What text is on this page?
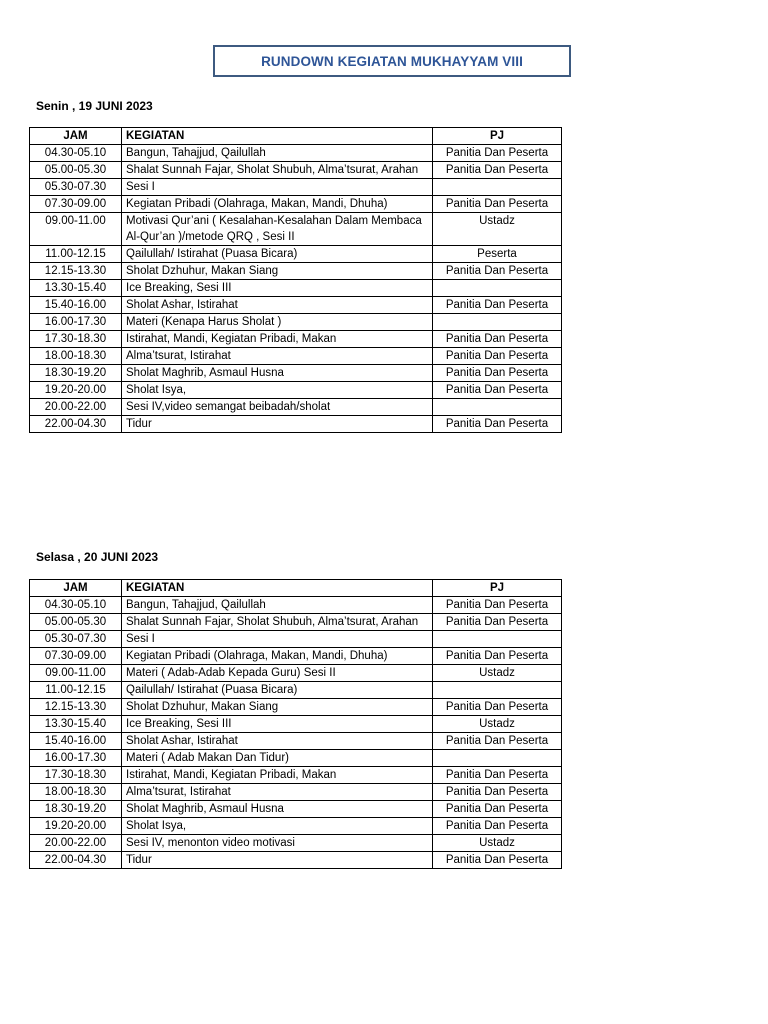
RUNDOWN KEGIATAN MUKHAYYAM VIII
Senin , 19 JUNI 2023
JAM	KEGIATAN	PJ
04.30-05.10	Bangun, Tahajjud, Qailullah	Panitia Dan Peserta
05.00-05.30	Shalat Sunnah Fajar, Sholat Shubuh, Alma’tsurat, Arahan	Panitia Dan Peserta
05.30-07.30	Sesi I	
07.30-09.00	Kegiatan Pribadi (Olahraga, Makan, Mandi, Dhuha)	Panitia Dan Peserta
09.00-11.00	Motivasi Qur’ani ( Kesalahan-Kesalahan Dalam Membaca Al-Qur’an )/metode QRQ , Sesi II	Ustadz
11.00-12.15	Qailullah/ Istirahat (Puasa Bicara)	Peserta
12.15-13.30	Sholat Dzhuhur, Makan Siang	Panitia Dan Peserta
13.30-15.40	Ice Breaking, Sesi III	
15.40-16.00	Sholat Ashar, Istirahat	Panitia Dan Peserta
16.00-17.30	Materi (Kenapa Harus Sholat )	
17.30-18.30	Istirahat, Mandi, Kegiatan Pribadi, Makan	Panitia Dan Peserta
18.00-18.30	Alma’tsurat, Istirahat	Panitia Dan Peserta
18.30-19.20	Sholat Maghrib, Asmaul Husna	Panitia Dan Peserta
19.20-20.00	Sholat Isya,	Panitia Dan Peserta
20.00-22.00	Sesi IV,video semangat beibadah/sholat	
22.00-04.30	Tidur	Panitia Dan Peserta
Selasa , 20 JUNI 2023
JAM	KEGIATAN	PJ
04.30-05.10	Bangun, Tahajjud, Qailullah	Panitia Dan Peserta
05.00-05.30	Shalat Sunnah Fajar, Sholat Shubuh, Alma’tsurat, Arahan	Panitia Dan Peserta
05.30-07.30	Sesi I	
07.30-09.00	Kegiatan Pribadi (Olahraga, Makan, Mandi, Dhuha)	Panitia Dan Peserta
09.00-11.00	Materi ( Adab-Adab Kepada Guru) Sesi II	Ustadz
11.00-12.15	Qailullah/ Istirahat (Puasa Bicara)	
12.15-13.30	Sholat Dzhuhur, Makan Siang	Panitia Dan Peserta
13.30-15.40	Ice Breaking, Sesi III	Ustadz
15.40-16.00	Sholat Ashar, Istirahat	Panitia Dan Peserta
16.00-17.30	Materi ( Adab Makan Dan Tidur)	
17.30-18.30	Istirahat, Mandi, Kegiatan Pribadi, Makan	Panitia Dan Peserta
18.00-18.30	Alma’tsurat, Istirahat	Panitia Dan Peserta
18.30-19.20	Sholat Maghrib, Asmaul Husna	Panitia Dan Peserta
19.20-20.00	Sholat Isya,	Panitia Dan Peserta
20.00-22.00	Sesi IV, menonton video motivasi	Ustadz
22.00-04.30	Tidur	Panitia Dan Peserta
